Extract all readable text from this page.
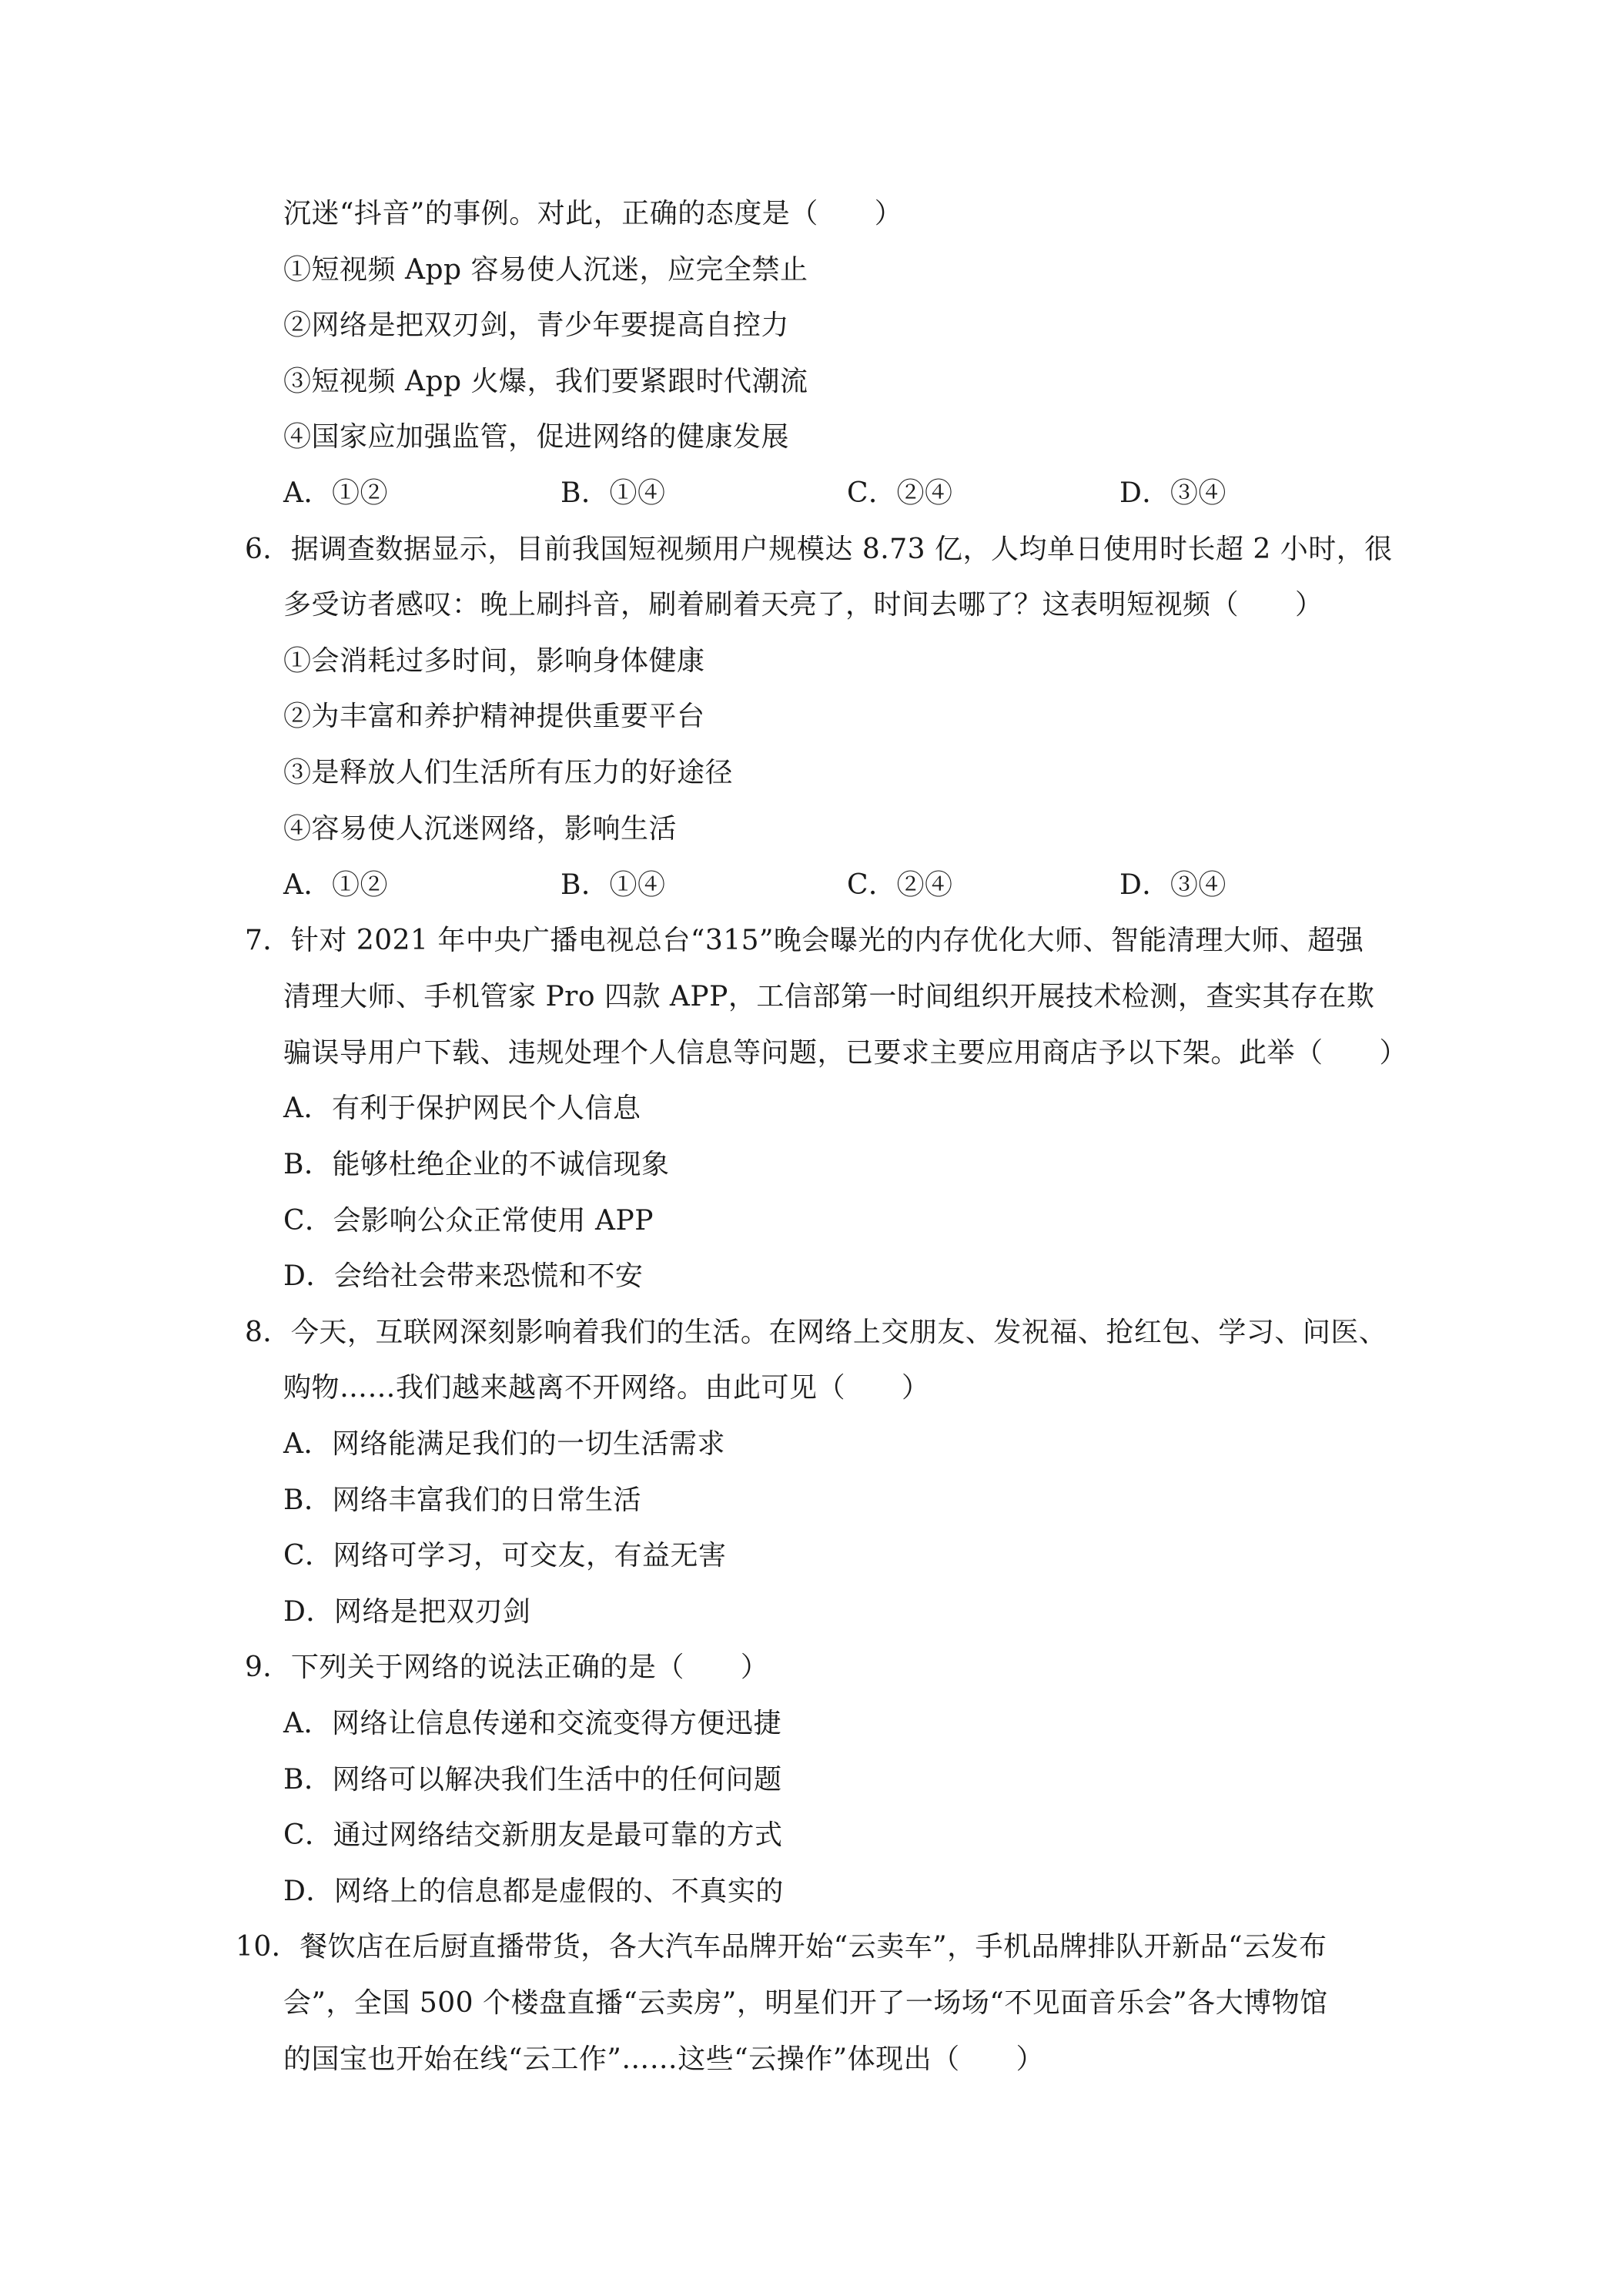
沉迷“抖音”的事例。对此，正确的态度是（　　）
①短视频 App 容易使人沉迷，应完全禁止
②网络是把双刃剑，青少年要提高自控力
③短视频 App 火爆，我们要紧跟时代潮流
④国家应加强监管，促进网络的健康发展
A．①②	B．①④	C．②④	D．③④
6．据调查数据显示，目前我国短视频用户规模达 8.73 亿，人均单日使用时长超 2 小时，很
多受访者感叹：晚上刷抖音，刷着刷着天亮了，时间去哪了？这表明短视频（　　）
①会消耗过多时间，影响身体健康
②为丰富和养护精神提供重要平台
③是释放人们生活所有压力的好途径
④容易使人沉迷网络，影响生活
A．①②	B．①④	C．②④	D．③④
7．针对 2021 年中央广播电视总台“315”晚会曝光的内存优化大师、智能清理大师、超强
清理大师、手机管家 Pro 四款 APP，工信部第一时间组织开展技术检测，查实其存在欺
骗误导用户下载、违规处理个人信息等问题，已要求主要应用商店予以下架。此举（　　）
A．有利于保护网民个人信息
B．能够杜绝企业的不诚信现象
C．会影响公众正常使用 APP
D．会给社会带来恐慌和不安
8．今天，互联网深刻影响着我们的生活。在网络上交朋友、发祝福、抢红包、学习、问医、
购物……我们越来越离不开网络。由此可见（　　）
A．网络能满足我们的一切生活需求
B．网络丰富我们的日常生活
C．网络可学习，可交友，有益无害
D．网络是把双刃剑
9．下列关于网络的说法正确的是（　　）
A．网络让信息传递和交流变得方便迅捷
B．网络可以解决我们生活中的任何问题
C．通过网络结交新朋友是最可靠的方式
D．网络上的信息都是虚假的、不真实的
10．餐饮店在后厨直播带货，各大汽车品牌开始“云卖车”，手机品牌排队开新品“云发布
会”，全国 500 个楼盘直播“云卖房”，明星们开了一场场“不见面音乐会”各大博物馆
的国宝也开始在线“云工作”……这些“云操作”体现出（　　）
